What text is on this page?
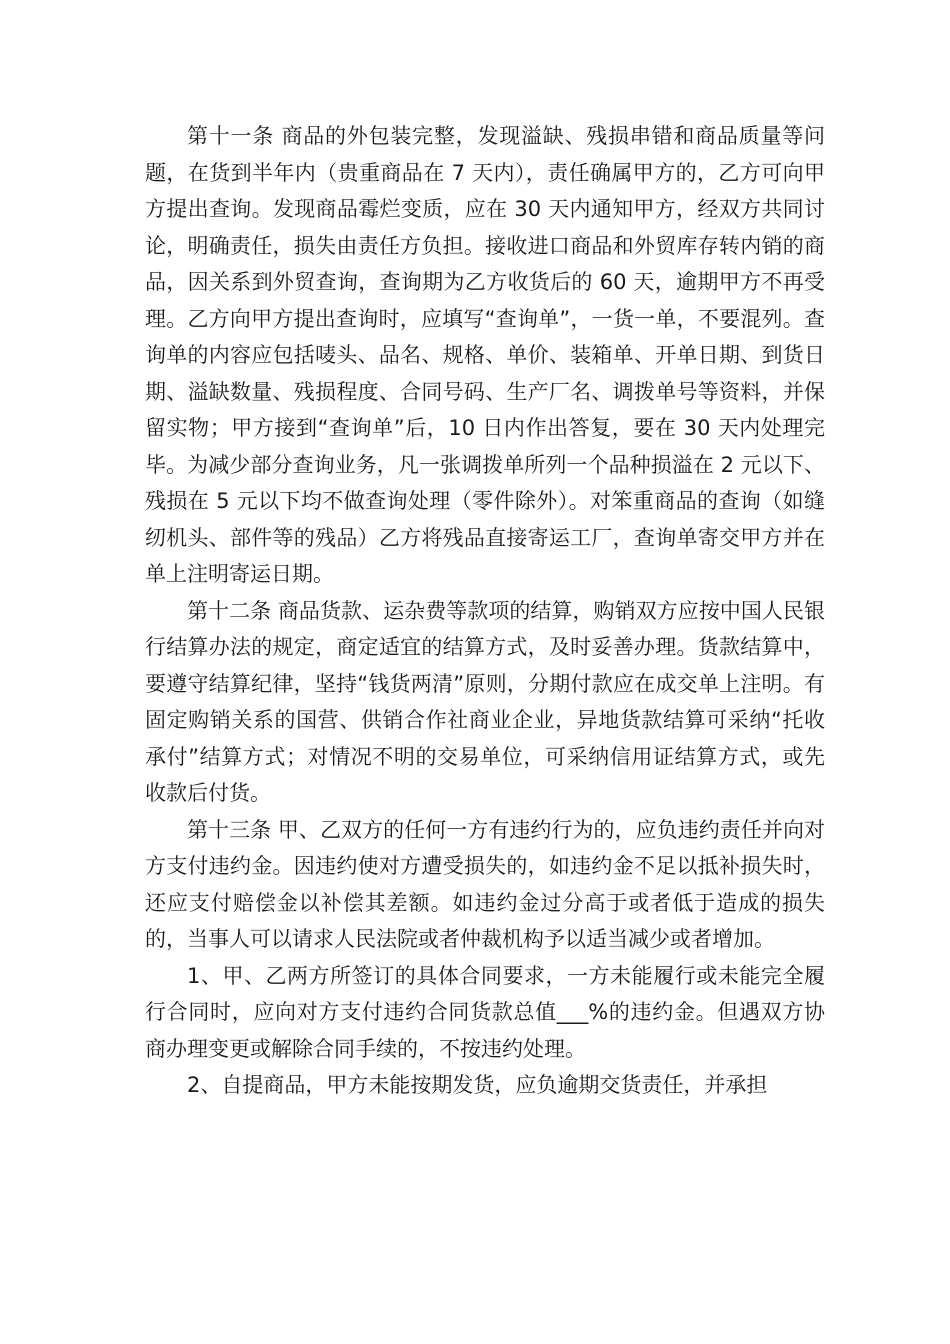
第十一条 商品的外包装完整，发现溢缺、残损串错和商品质量等问题，在货到半年内（贵重商品在 7 天内），责任确属甲方的，乙方可向甲方提出查询。发现商品霉烂变质，应在 30 天内通知甲方，经双方共同讨论，明确责任，损失由责任方负担。接收进口商品和外贸库存转内销的商品，因关系到外贸查询，查询期为乙方收货后的 60 天，逾期甲方不再受理。乙方向甲方提出查询时，应填写“查询单”，一货一单，不要混列。查询单的内容应包括唛头、品名、规格、单价、装箱单、开单日期、到货日期、溢缺数量、残损程度、合同号码、生产厂名、调拨单号等资料，并保留实物；甲方接到“查询单”后，10 日内作出答复，要在 30 天内处理完毕。为减少部分查询业务，凡一张调拨单所列一个品种损溢在 2 元以下、残损在 5 元以下均不做查询处理（零件除外）。对笨重商品的查询（如缝纫机头、部件等的残品）乙方将残品直接寄运工厂，查询单寄交甲方并在单上注明寄运日期。

第十二条 商品货款、运杂费等款项的结算，购销双方应按中国人民银行结算办法的规定，商定适宜的结算方式，及时妥善办理。货款结算中，要遵守结算纪律，坚持“钱货两清”原则，分期付款应在成交单上注明。有固定购销关系的国营、供销合作社商业企业，异地货款结算可采纳“托收承付”结算方式；对情况不明的交易单位，可采纳信用证结算方式，或先收款后付货。

第十三条 甲、乙双方的任何一方有违约行为的，应负违约责任并向对方支付违约金。因违约使对方遭受损失的，如违约金不足以抵补损失时，还应支付赔偿金以补偿其差额。如违约金过分高于或者低于造成的损失的，当事人可以请求人民法院或者仲裁机构予以适当减少或者增加。

1、甲、乙两方所签订的具体合同要求，一方未能履行或未能完全履行合同时，应向对方支付违约合同货款总值___%的违约金。但遇双方协商办理变更或解除合同手续的，不按违约处理。

2、自提商品，甲方未能按期发货，应负逾期交货责任，并承担
